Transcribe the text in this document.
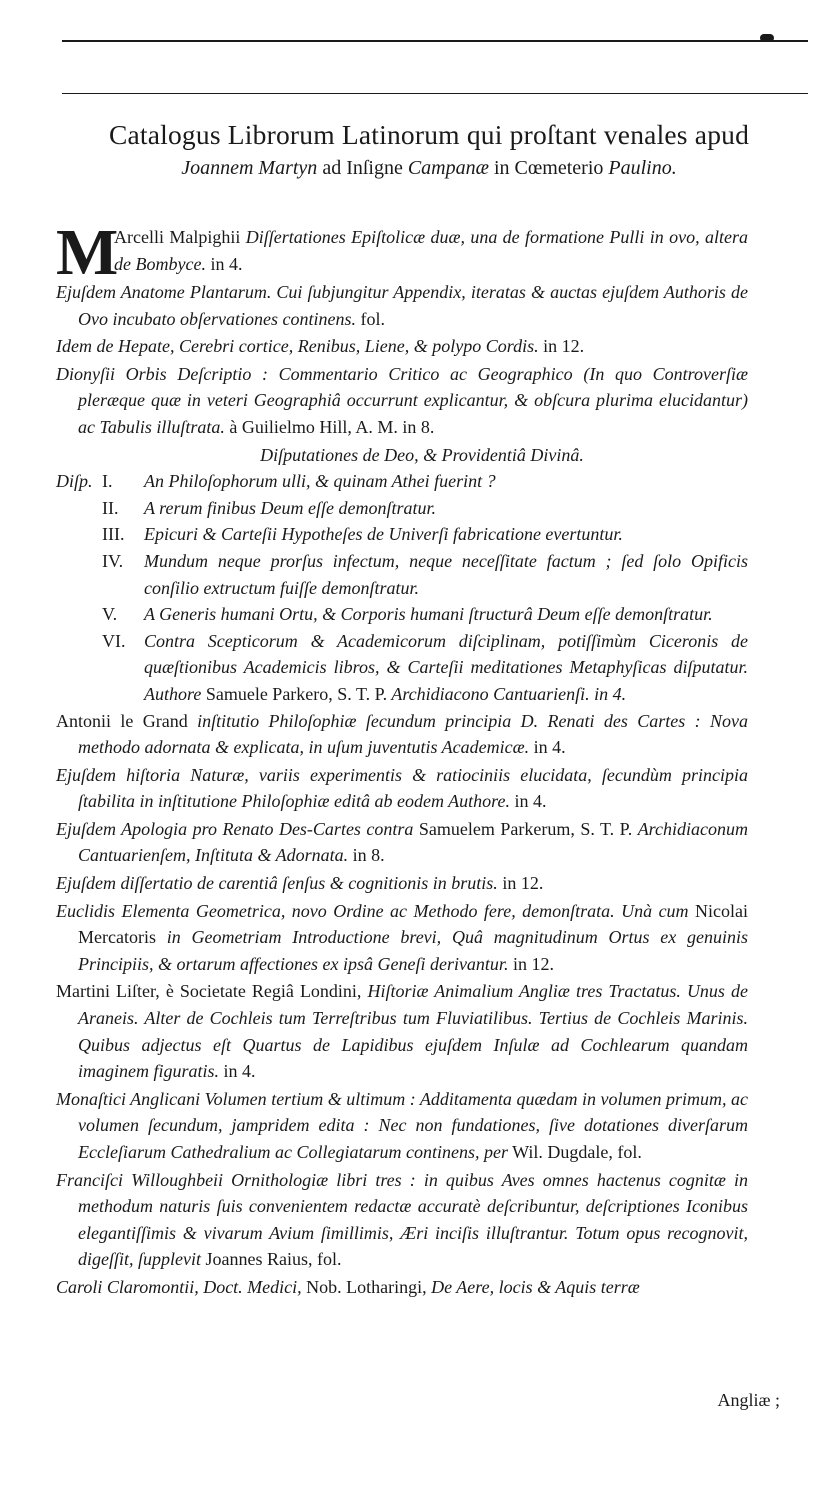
Catalogus Librorum Latinorum qui proſtant venales apud
Joannem Martyn ad Inſigne Campanæ in Cœmeterio Paulino.
M
Arcelli Malpighii Diſſertationes Epiſtolicæ duæ, una de formatione Pulli in ovo, altera de Bombyce. in 4.
Ejuſdem Anatome Plantarum. Cui ſubjungitur Appendix, iteratas & auctas ejuſdem Authoris de Ovo incubato obſervationes continens. fol.
Idem de Hepate, Cerebri cortice, Renibus, Liene, & polypo Cordis. in 12.
Dionyſii Orbis Deſcriptio : Commentario Critico ac Geographico (In quo Controverſiæ pleræque quæ in veteri Geographiâ occurrunt explicantur, & obſcura plurima elucidantur) ac Tabulis illuſtrata. à Guilielmo Hill, A. M. in 8.
Diſputationes de Deo, & Providentiâ Divinâ.
Diſp. I.	An Philoſophorum ulli, & quinam Athei fuerint ?
II.	A rerum finibus Deum eſſe demonſtratur.
III.	Epicuri & Carteſii Hypotheſes de Univerſi fabricatione evertuntur.
IV.	Mundum neque prorſus infectum, neque neceſſitate factum ; ſed ſolo Opificis conſilio extructum fuiſſe demonſtratur.
V.	A Generis humani Ortu, & Corporis humani ſtructurâ Deum eſſe demonſtratur.
VI.	Contra Scepticorum & Academicorum diſciplinam, potiſſimùm Ciceronis de quæſtionibus Academicis libros, & Carteſii meditationes Metaphyſicas diſputatur. Authore Samuele Parkero, S. T. P. Archidiacono Cantuarienſi. in 4.
Antonii le Grand inſtitutio Philoſophiæ ſecundum principia D. Renati des Cartes : Nova methodo adornata & explicata, in uſum juventutis Academicæ. in 4.
Ejuſdem hiſtoria Naturæ, variis experimentis & ratiociniis elucidata, ſecundùm principia ſtabilita in inſtitutione Philoſophiæ editâ ab eodem Authore. in 4.
Ejuſdem Apologia pro Renato Des-Cartes contra Samuelem Parkerum, S. T. P. Archidiaconum Cantuarienſem, Inſtituta & Adornata. in 8.
Ejuſdem diſſertatio de carentiâ ſenſus & cognitionis in brutis. in 12.
Euclidis Elementa Geometrica, novo Ordine ac Methodo fere, demonſtrata. Unà cum Nicolai Mercatoris in Geometriam Introductione brevi, Quâ magnitudinum Ortus ex genuinis Principiis, & ortarum affectiones ex ipsâ Geneſi derivantur. in 12.
Martini Liſter, è Societate Regiâ Londini, Hiſtoriæ Animalium Angliæ tres Tractatus. Unus de Araneis. Alter de Cochleis tum Terreſtribus tum Fluviatilibus. Tertius de Cochleis Marinis. Quibus adjectus eſt Quartus de Lapidibus ejuſdem Inſulæ ad Cochlearum quandam imaginem figuratis. in 4.
Monaſtici Anglicani Volumen tertium & ultimum : Additamenta quædam in volumen primum, ac volumen ſecundum, jampridem edita : Nec non fundationes, ſive dotationes diverſarum Eccleſiarum Cathedralium ac Collegiatarum continens, per Wil. Dugdale, fol.
Franciſci Willoughbeii Ornithologiæ libri tres : in quibus Aves omnes hactenus cognitæ in methodum naturis ſuis convenientem redactæ accuratè deſcribuntur, deſcriptiones Iconibus elegantiſſimis & vivarum Avium ſimillimis, Æri inciſis illuſtrantur. Totum opus recognovit, digeſſit, ſupplevit Joannes Raius, fol.
Caroli Claromontii, Doct. Medici, Nob. Lotharingi, De Aere, locis & Aquis terræ
Angliæ ;
